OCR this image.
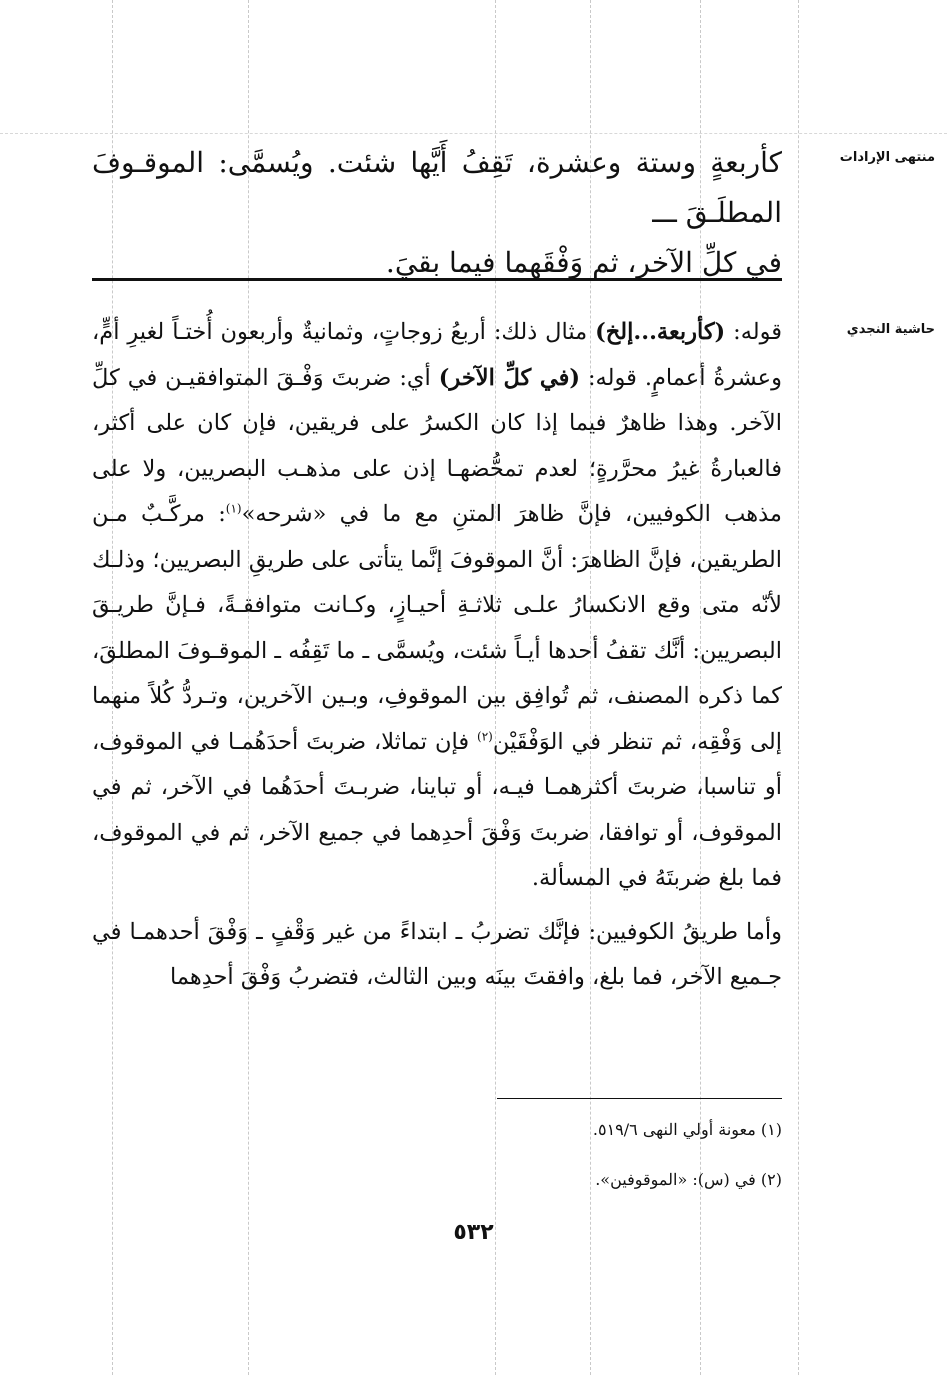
منتهى الإرادات
حاشية النجدي

كأربعةٍ وستة وعشرة، تَقِفُ أَيَّها شئت. ويُسمَّى: الموقـوفَ المطلَـقَ ـــ

في كلِّ الآخر، ثم وَفْقَهما فيما بقيَ.

قوله: (كأربعة...إلخ) مثال ذلك: أربعُ زوجاتٍ، وثمانيةٌ وأربعون أُختـاً لغيرِ أمٍّ، وعشرةُ أعمامٍ. قوله: (في كلِّ الآخر) أي: ضربتَ وَفْـقَ المتوافقيـن في كلِّ الآخر. وهذا ظاهرٌ فيما إذا كان الكسرُ على فريقين، فإن كان على أكثر، فالعبارةُ غيرُ محرَّرةٍ؛ لعدم تمحُّضهـا إذن على مذهـب البصريين، ولا على مذهب الكوفيين، فإنَّ ظاهرَ المتنِ مع ما في «شرحه»$^{(١)}$: مركَّـبٌ مـن الطريقين، فإنَّ الظاهرَ: أنَّ الموقوفَ إنَّما يتأتى على طريقِ البصريين؛ وذلـك لأنّه متى وقع الانكسارُ علـى ثلاثـةِ أحيـازٍ، وكـانت متوافقـةً، فـإنَّ طريـقَ البصريين: أنَّك تقفُ أحدها أيـاً شئت، ويُسمَّى ـ ما تَقِفُه ـ الموقـوفَ المطلقَ، كما ذكره المصنف، ثم تُوافِق بين الموقوفِ، وبـين الآخرين، وتـردُّ كُلاً منهما إلى وَفْقِه، ثم تنظر في الوَفْقَيْن$^{(٢)}$ فإن تماثلا، ضربتَ أحدَهُمـا في الموقوف، أو تناسبا، ضربتَ أكثرهمـا فيـه، أو تباينا، ضربـتَ أحدَهُما في الآخر، ثم في الموقوف، أو توافقا، ضربتَ وَفْقَ أحدِهما في جميع الآخر، ثم في الموقوف، فما بلغ ضربتَهُ في المسألة.

وأما طريقُ الكوفيين: فإنَّك تضربُ ـ ابتداءً من غير وَقْفٍ ـ وَفْقَ أحدهمـا في جـميع الآخر، فما بلغ، وافقتَ بينَه وبين الثالث، فتضربُ وَفْقَ أحدِهما

(١) معونة أولي النهى ٥١٩/٦.

(٢) في (س): «الموقوفين».

٥٣٢
